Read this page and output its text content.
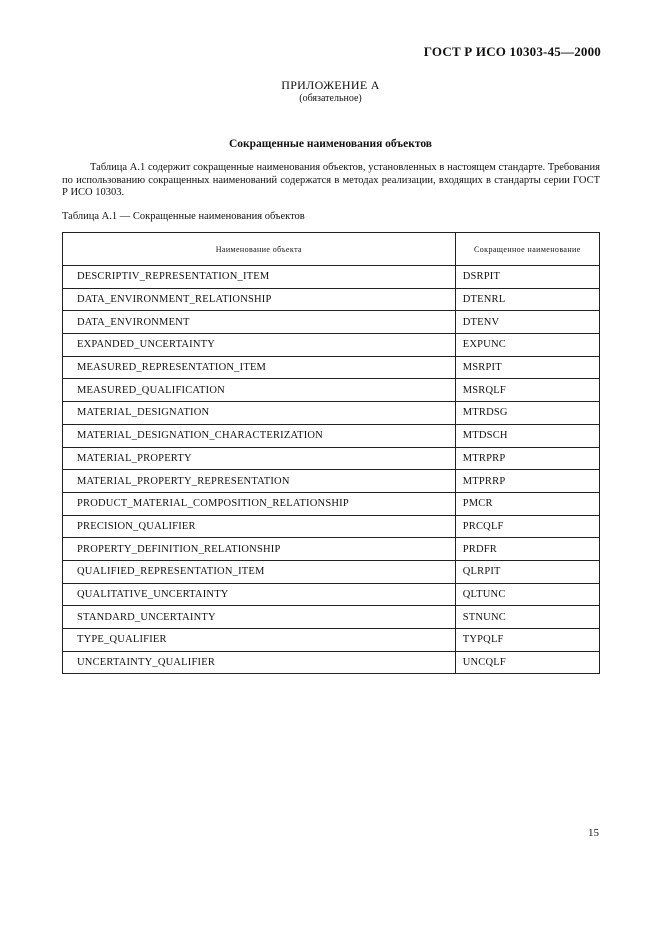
ГОСТ Р ИСО 10303-45—2000
ПРИЛОЖЕНИЕ А
(обязательное)
Сокращенные наименования объектов
Таблица А.1 содержит сокращенные наименования объектов, установленных в настоящем стандарте. Требования по использованию сокращенных наименований содержатся в методах реализации, входящих в стандарты серии ГОСТ Р ИСО 10303.
Таблица А.1 — Сокращенные наименования объектов
Наименование объекта	Сокращенное наименование
DESCRIPTIV_REPRESENTATION_ITEM	DSRPIT
DATA_ENVIRONMENT_RELATIONSHIP	DTENRL
DATA_ENVIRONMENT	DTENV
EXPANDED_UNCERTAINTY	EXPUNC
MEASURED_REPRESENTATION_ITEM	MSRPIT
MEASURED_QUALIFICATION	MSRQLF
MATERIAL_DESIGNATION	MTRDSG
MATERIAL_DESIGNATION_CHARACTERIZATION	MTDSCH
MATERIAL_PROPERTY	MTRPRP
MATERIAL_PROPERTY_REPRESENTATION	MTPRRP
PRODUCT_MATERIAL_COMPOSITION_RELATIONSHIP	PMCR
PRECISION_QUALIFIER	PRCQLF
PROPERTY_DEFINITION_RELATIONSHIP	PRDFR
QUALIFIED_REPRESENTATION_ITEM	QLRPIT
QUALITATIVE_UNCERTAINTY	QLTUNC
STANDARD_UNCERTAINTY	STNUNC
TYPE_QUALIFIER	TYPQLF
UNCERTAINTY_QUALIFIER	UNCQLF
15
